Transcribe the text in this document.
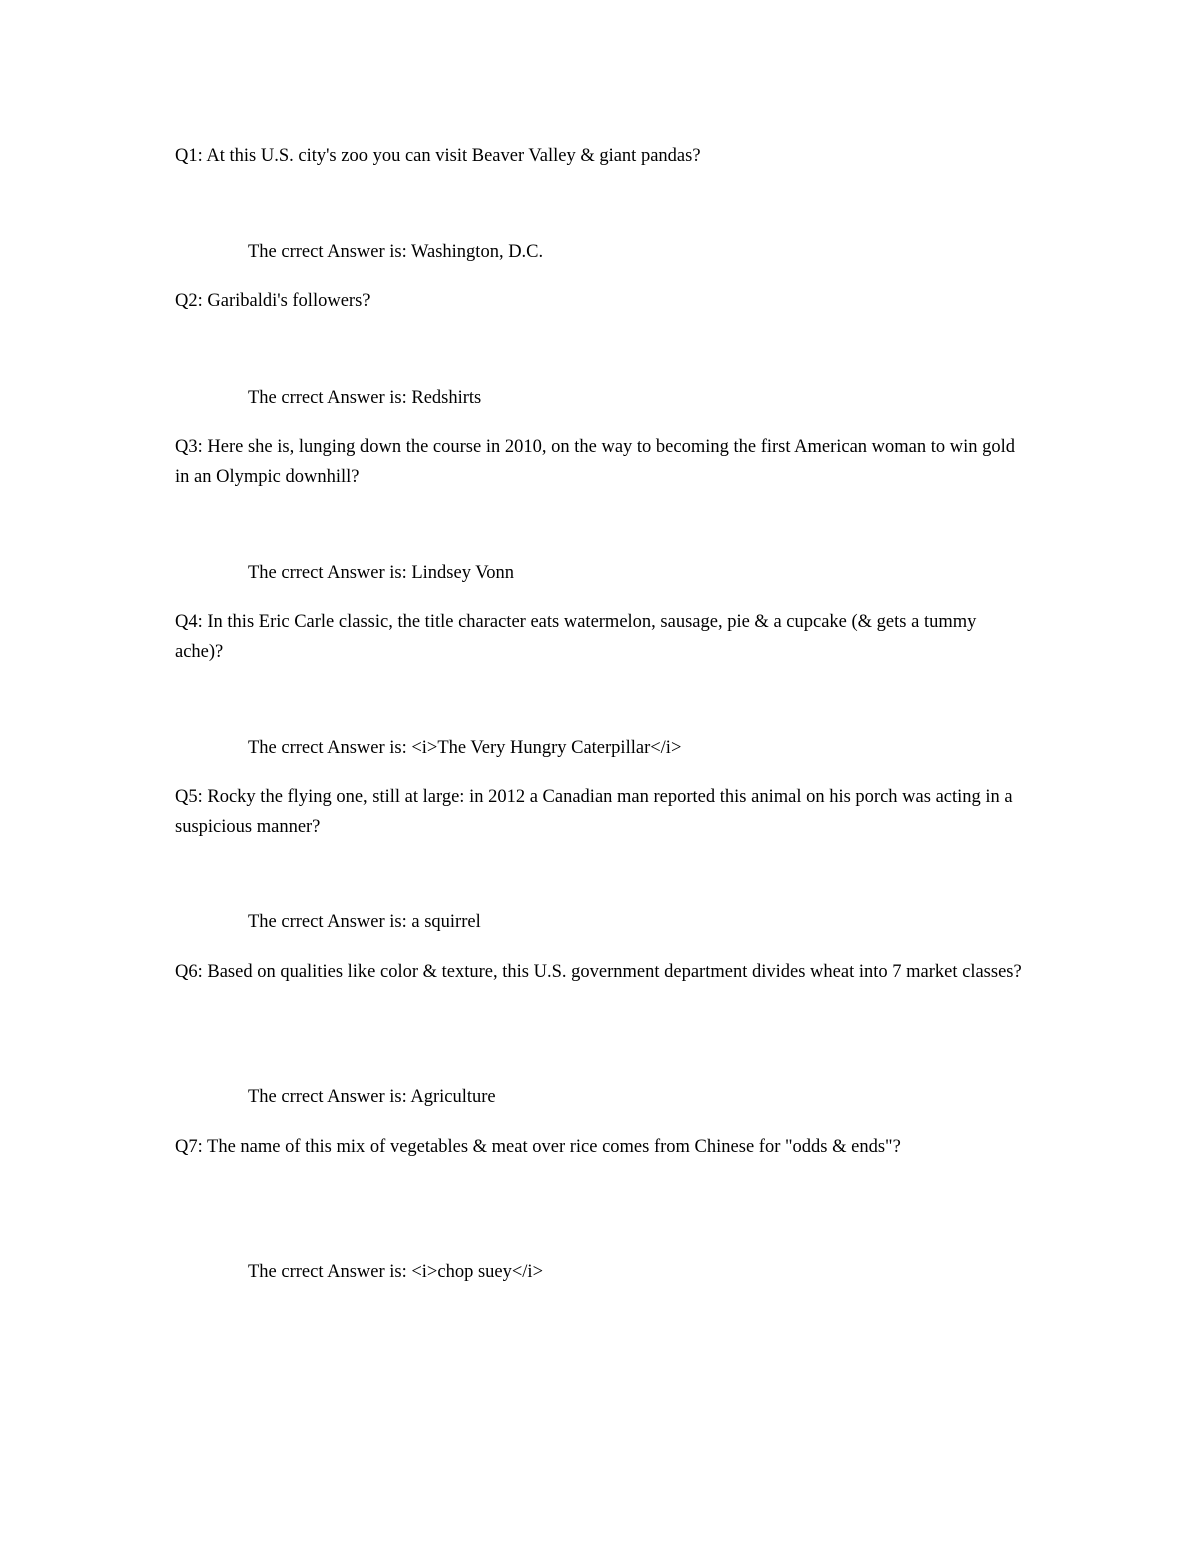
Q1: At this U.S. city's zoo you can visit Beaver Valley & giant pandas?

The crrect Answer is: Washington, D.C.

Q2: Garibaldi's followers?

The crrect Answer is: Redshirts

Q3: Here she is, lunging down the course in 2010, on the way to becoming the first American woman to win gold in an Olympic downhill?

The crrect Answer is: Lindsey Vonn

Q4: In this Eric Carle classic, the title character eats watermelon, sausage, pie & a cupcake (& gets a tummy ache)?

The crrect Answer is: <i>The Very Hungry Caterpillar</i>

Q5: Rocky the flying one, still at large: in 2012 a Canadian man reported this animal on his porch was acting in a suspicious manner?

The crrect Answer is: a squirrel

Q6: Based on qualities like color & texture, this U.S. government department divides wheat into 7 market classes?

The crrect Answer is: Agriculture

Q7: The name of this mix of vegetables & meat over rice comes from Chinese for "odds & ends"?

The crrect Answer is: <i>chop suey</i>
